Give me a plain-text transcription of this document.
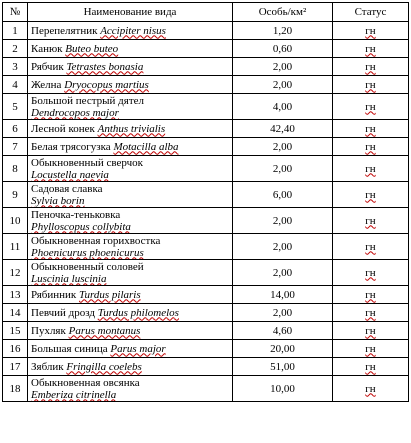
№	Наименование вида	Особь/км²	Статус
1	Перепелятник Accipiter nisus	1,20	гн
2	Канюк Buteo buteo	0,60	гн
3	Рябчик Tetrastes bonasia	2,00	гн
4	Желна Dryocopus martius	2,00	гн
5	Большой пестрый дятел
Dendrocopos major	4,00	гн
6	Лесной конек Anthus trivialis	42,40	гн
7	Белая трясогузка Motacilla alba	2,00	гн
8	Обыкновенный сверчок
Locustella naevia	2,00	гн
9	Садовая славка
Sylvia borin	6,00	гн
10	Пеночка-теньковка
Phylloscopus collybita	2,00	гн
11	Обыкновенная горихвостка
Phoenicurus phoenicurus	2,00	гн
12	Обыкновенный соловей
Luscinia luscinia	2,00	гн
13	Рябинник Turdus pilaris	14,00	гн
14	Певчий дрозд Turdus philomelos	2,00	гн
15	Пухляк Parus montanus	4,60	гн
16	Большая синица Parus major	20,00	гн
17	Зяблик Fringilla coelebs	51,00	гн
18	Обыкновенная овсянка
Emberiza citrinella	10,00	гн
